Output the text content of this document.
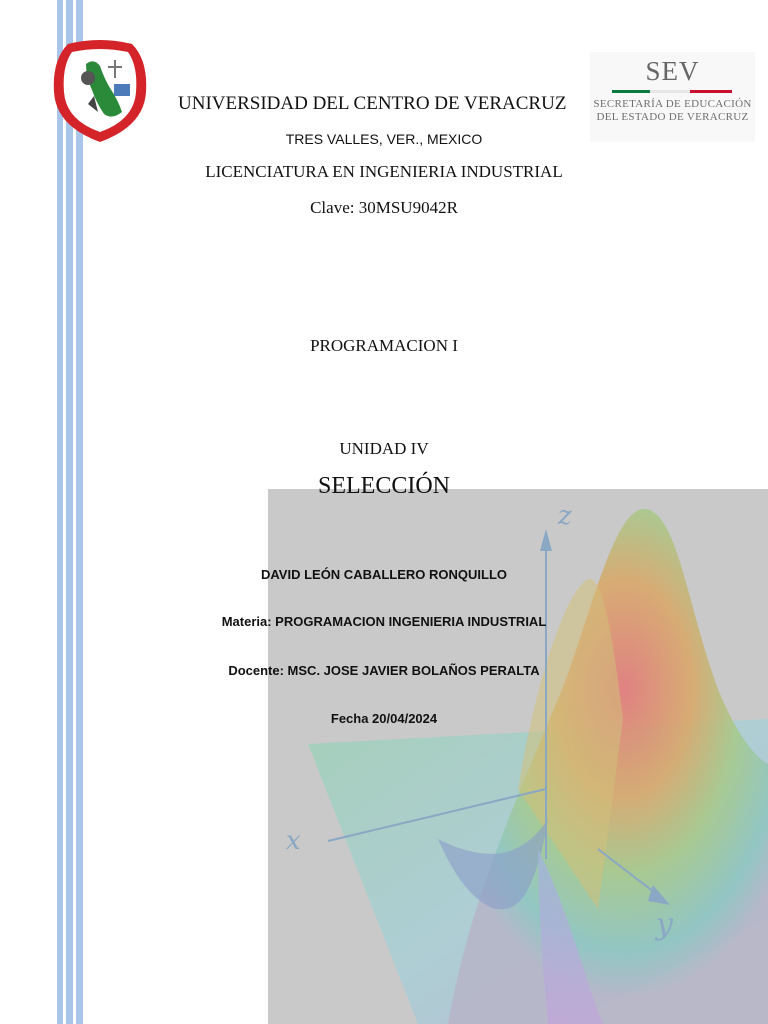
z
x
y
SEV
SECRETARÍA DE EDUCACIÓN
DEL ESTADO DE VERACRUZ
UNIVERSIDAD DEL CENTRO DE VERACRUZ
TRES VALLES, VER., MEXICO
LICENCIATURA EN INGENIERIA INDUSTRIAL
Clave: 30MSU9042R
PROGRAMACION I
UNIDAD IV
SELECCIÓN
DAVID LEÓN CABALLERO RONQUILLO
Materia: PROGRAMACION INGENIERIA INDUSTRIAL
Docente: MSC. JOSE JAVIER BOLAÑOS PERALTA
Fecha 20/04/2024
